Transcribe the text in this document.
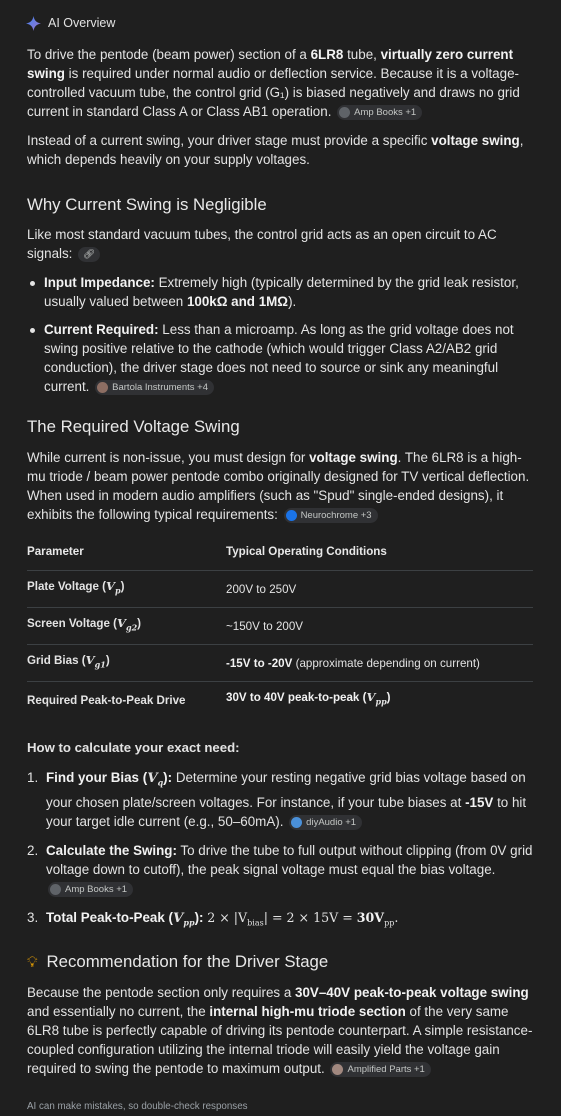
AI Overview

To drive the pentode (beam power) section of a 6LR8 tube, virtually zero current swing is required under normal audio or deflection service. Because it is a voltage-controlled vacuum tube, the control grid (G₁) is biased negatively and draws no grid current in standard Class A or Class AB1 operation. Amp Books +1

Instead of a current swing, your driver stage must provide a specific voltage swing, which depends heavily on your supply voltages.

Why Current Swing is Negligible

Like most standard vacuum tubes, the control grid acts as an open circuit to AC signals: 🔗︎

Input Impedance: Extremely high (typically determined by the grid leak resistor, usually valued between 100kΩ and 1MΩ).
Current Required: Less than a microamp. As long as the grid voltage does not swing positive relative to the cathode (which would trigger Class A2/AB2 grid conduction), the driver stage does not need to source or sink any meaningful current. Bartola Instruments +4
The Required Voltage Swing

While current is non-issue, you must design for voltage swing. The 6LR8 is a high-mu triode / beam power pentode combo originally designed for TV vertical deflection. When used in modern audio amplifiers (such as "Spud" single-ended designs), it exhibits the following typical requirements: Neurochrome +3

Parameter	Typical Operating Conditions
Plate Voltage $(V_p)$	200V to 250V
Screen Voltage $(V_{g2})$	~150V to 200V
Grid Bias $(V_{g1})$	-15V to -20V (approximate depending on current)
Required Peak-to-Peak Drive	30V to 40V peak-to-peak $(V_{pp})$
How to calculate your exact need:
1. Find your Bias $(V_q)$: Determine your resting negative grid bias voltage based on your chosen plate/screen voltages. For instance, if your tube biases at -15V to hit your target idle current (e.g., 50–60mA). diyAudio +1
2. Calculate the Swing: To drive the tube to full output without clipping (from 0V grid voltage down to cutoff), the peak signal voltage must equal the bias voltage.
Amp Books +1
3. Total Peak-to-Peak $(V_{pp})$: $2 \times |V_{bias}| = 2 \times 15V = 30V_{pp}$.
💡︎ Recommendation for the Driver Stage

Because the pentode section only requires a 30V–40V peak-to-peak voltage swing and essentially no current, the internal high-mu triode section of the very same 6LR8 tube is perfectly capable of driving its pentode counterpart. A simple resistance-coupled configuration utilizing the internal triode will easily yield the voltage gain required to swing the pentode to maximum output. Amplified Parts +1

AI can make mistakes, so double-check responses
